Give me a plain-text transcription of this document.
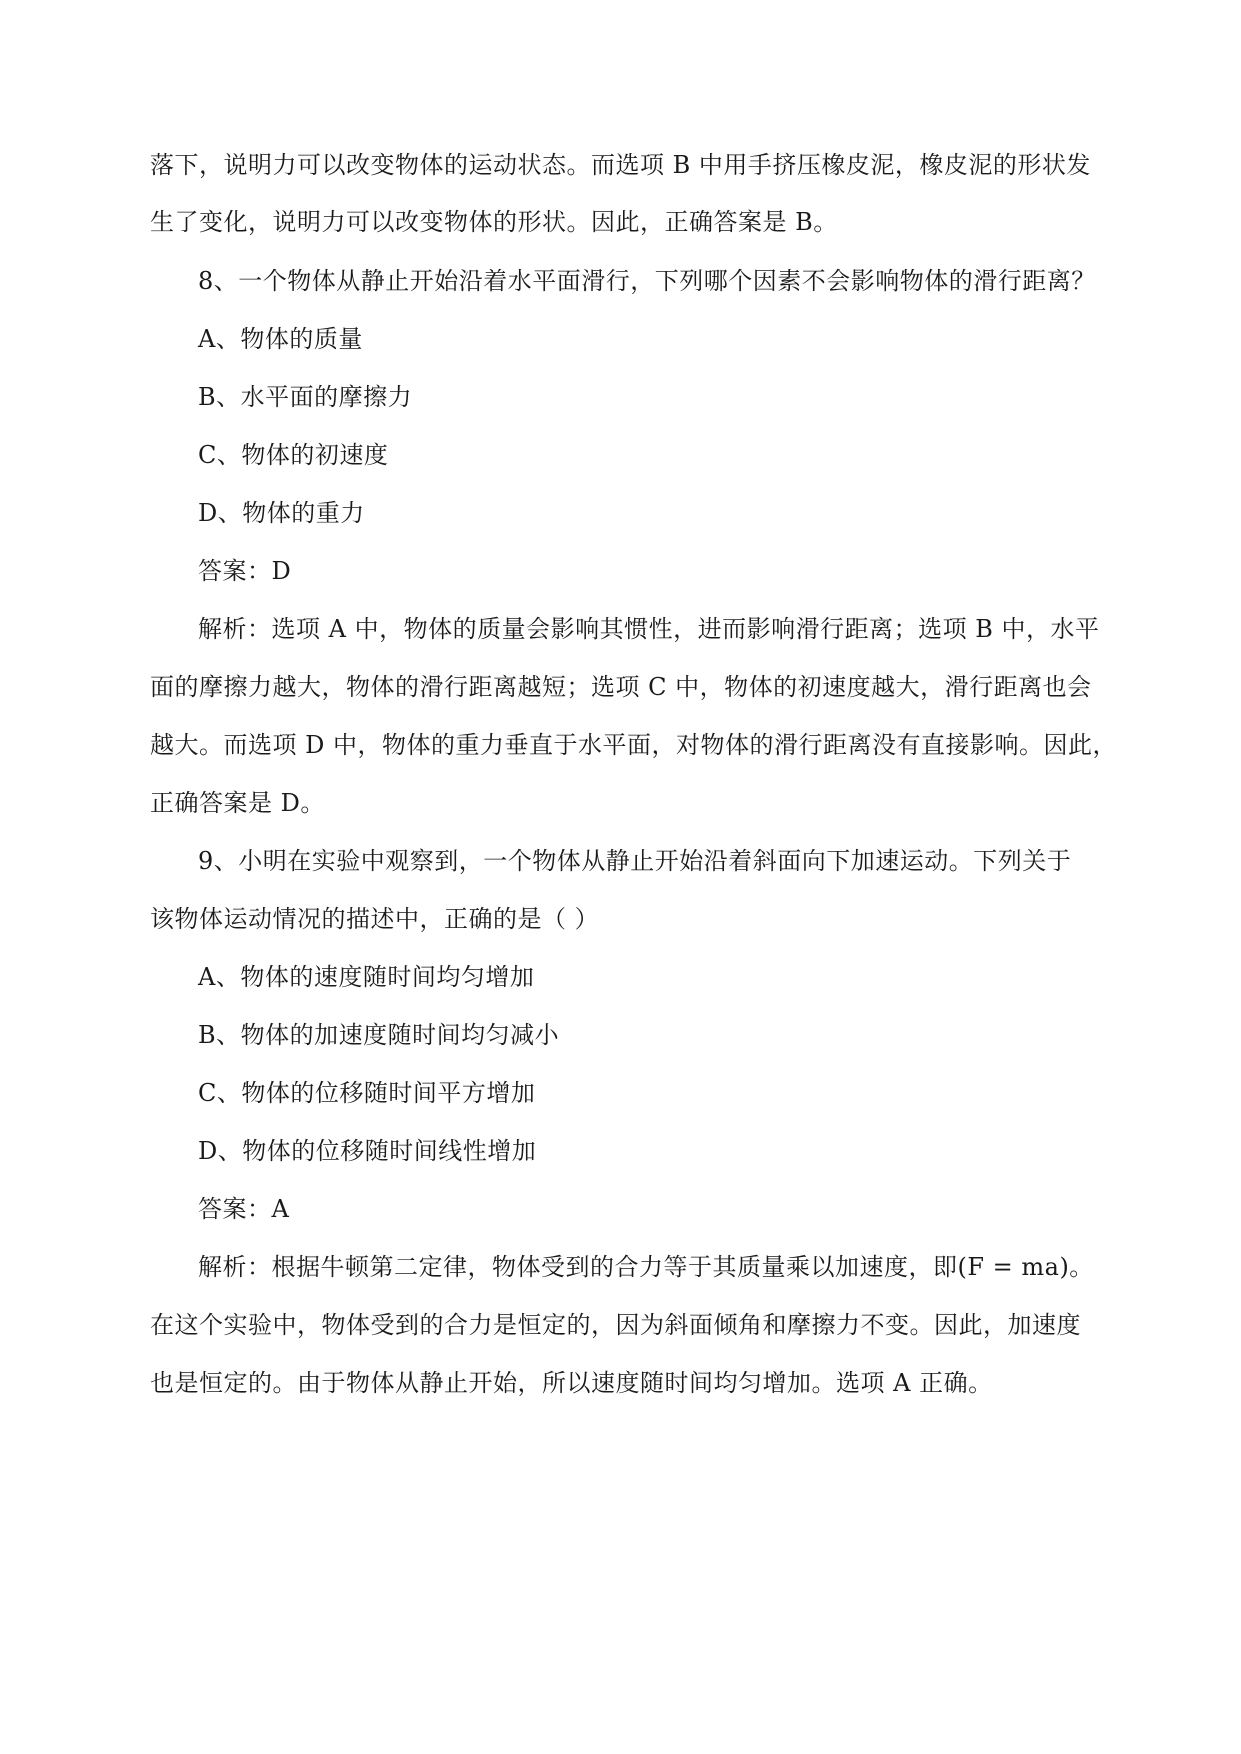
落下，说明力可以改变物体的运动状态。而选项 B 中用手挤压橡皮泥，橡皮泥的形状发
生了变化，说明力可以改变物体的形状。因此，正确答案是 B。
8、一个物体从静止开始沿着水平面滑行，下列哪个因素不会影响物体的滑行距离？
A、物体的质量
B、水平面的摩擦力
C、物体的初速度
D、物体的重力
答案：D
解析：选项 A 中，物体的质量会影响其惯性，进而影响滑行距离；选项 B 中，水平
面的摩擦力越大，物体的滑行距离越短；选项 C 中，物体的初速度越大，滑行距离也会
越大。而选项 D 中，物体的重力垂直于水平面，对物体的滑行距离没有直接影响。因此，
正确答案是 D。
9、小明在实验中观察到，一个物体从静止开始沿着斜面向下加速运动。下列关于
该物体运动情况的描述中，正确的是（ ）
A、物体的速度随时间均匀增加
B、物体的加速度随时间均匀减小
C、物体的位移随时间平方增加
D、物体的位移随时间线性增加
答案：A
解析：根据牛顿第二定律，物体受到的合力等于其质量乘以加速度，即(F = ma)。
在这个实验中，物体受到的合力是恒定的，因为斜面倾角和摩擦力不变。因此，加速度
也是恒定的。由于物体从静止开始，所以速度随时间均匀增加。选项 A 正确。
